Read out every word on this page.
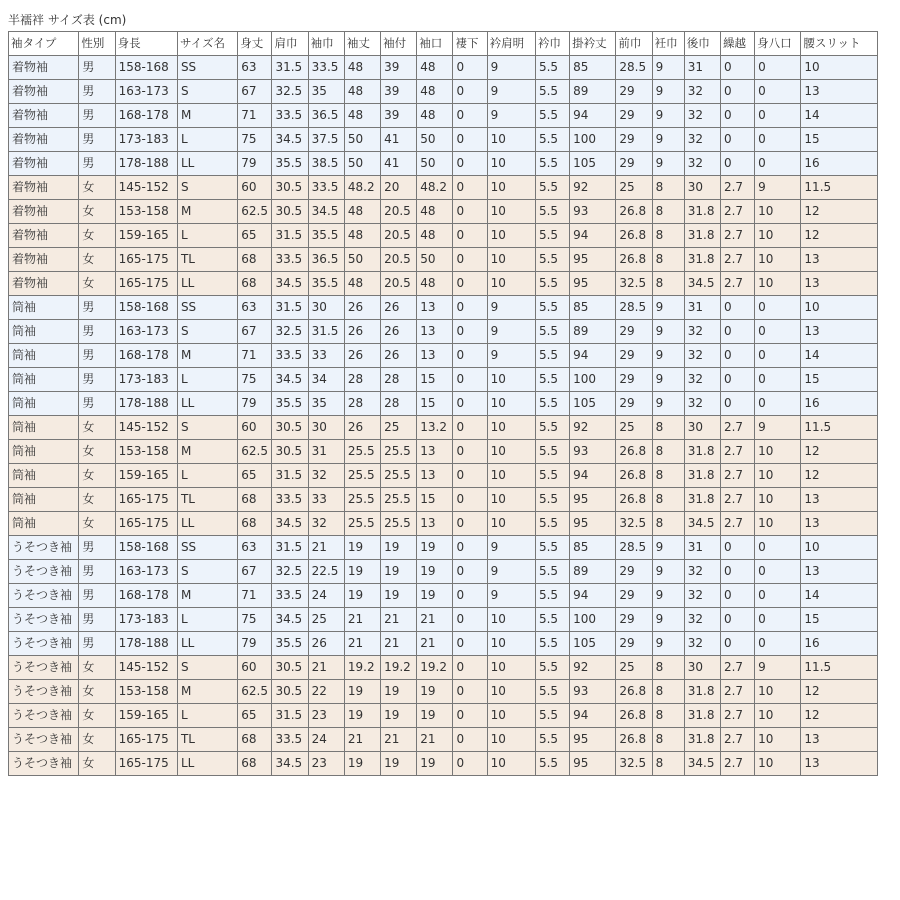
半襦袢 サイズ表 (cm)
袖タイプ	性別	身長	サイズ名	身丈	肩巾	袖巾	袖丈	袖付	袖口	褄下	衿肩明	衿巾	掛衿丈	前巾	衽巾	後巾	繰越	身八口	腰スリット
着物袖	男	158-168	SS	63	31.5	33.5	48	39	48	0	9	5.5	85	28.5	9	31	0	0	10
着物袖	男	163-173	S	67	32.5	35	48	39	48	0	9	5.5	89	29	9	32	0	0	13
着物袖	男	168-178	M	71	33.5	36.5	48	39	48	0	9	5.5	94	29	9	32	0	0	14
着物袖	男	173-183	L	75	34.5	37.5	50	41	50	0	10	5.5	100	29	9	32	0	0	15
着物袖	男	178-188	LL	79	35.5	38.5	50	41	50	0	10	5.5	105	29	9	32	0	0	16
着物袖	女	145-152	S	60	30.5	33.5	48.2	20	48.2	0	10	5.5	92	25	8	30	2.7	9	11.5
着物袖	女	153-158	M	62.5	30.5	34.5	48	20.5	48	0	10	5.5	93	26.8	8	31.8	2.7	10	12
着物袖	女	159-165	L	65	31.5	35.5	48	20.5	48	0	10	5.5	94	26.8	8	31.8	2.7	10	12
着物袖	女	165-175	TL	68	33.5	36.5	50	20.5	50	0	10	5.5	95	26.8	8	31.8	2.7	10	13
着物袖	女	165-175	LL	68	34.5	35.5	48	20.5	48	0	10	5.5	95	32.5	8	34.5	2.7	10	13
筒袖	男	158-168	SS	63	31.5	30	26	26	13	0	9	5.5	85	28.5	9	31	0	0	10
筒袖	男	163-173	S	67	32.5	31.5	26	26	13	0	9	5.5	89	29	9	32	0	0	13
筒袖	男	168-178	M	71	33.5	33	26	26	13	0	9	5.5	94	29	9	32	0	0	14
筒袖	男	173-183	L	75	34.5	34	28	28	15	0	10	5.5	100	29	9	32	0	0	15
筒袖	男	178-188	LL	79	35.5	35	28	28	15	0	10	5.5	105	29	9	32	0	0	16
筒袖	女	145-152	S	60	30.5	30	26	25	13.2	0	10	5.5	92	25	8	30	2.7	9	11.5
筒袖	女	153-158	M	62.5	30.5	31	25.5	25.5	13	0	10	5.5	93	26.8	8	31.8	2.7	10	12
筒袖	女	159-165	L	65	31.5	32	25.5	25.5	13	0	10	5.5	94	26.8	8	31.8	2.7	10	12
筒袖	女	165-175	TL	68	33.5	33	25.5	25.5	15	0	10	5.5	95	26.8	8	31.8	2.7	10	13
筒袖	女	165-175	LL	68	34.5	32	25.5	25.5	13	0	10	5.5	95	32.5	8	34.5	2.7	10	13
うそつき袖	男	158-168	SS	63	31.5	21	19	19	19	0	9	5.5	85	28.5	9	31	0	0	10
うそつき袖	男	163-173	S	67	32.5	22.5	19	19	19	0	9	5.5	89	29	9	32	0	0	13
うそつき袖	男	168-178	M	71	33.5	24	19	19	19	0	9	5.5	94	29	9	32	0	0	14
うそつき袖	男	173-183	L	75	34.5	25	21	21	21	0	10	5.5	100	29	9	32	0	0	15
うそつき袖	男	178-188	LL	79	35.5	26	21	21	21	0	10	5.5	105	29	9	32	0	0	16
うそつき袖	女	145-152	S	60	30.5	21	19.2	19.2	19.2	0	10	5.5	92	25	8	30	2.7	9	11.5
うそつき袖	女	153-158	M	62.5	30.5	22	19	19	19	0	10	5.5	93	26.8	8	31.8	2.7	10	12
うそつき袖	女	159-165	L	65	31.5	23	19	19	19	0	10	5.5	94	26.8	8	31.8	2.7	10	12
うそつき袖	女	165-175	TL	68	33.5	24	21	21	21	0	10	5.5	95	26.8	8	31.8	2.7	10	13
うそつき袖	女	165-175	LL	68	34.5	23	19	19	19	0	10	5.5	95	32.5	8	34.5	2.7	10	13
